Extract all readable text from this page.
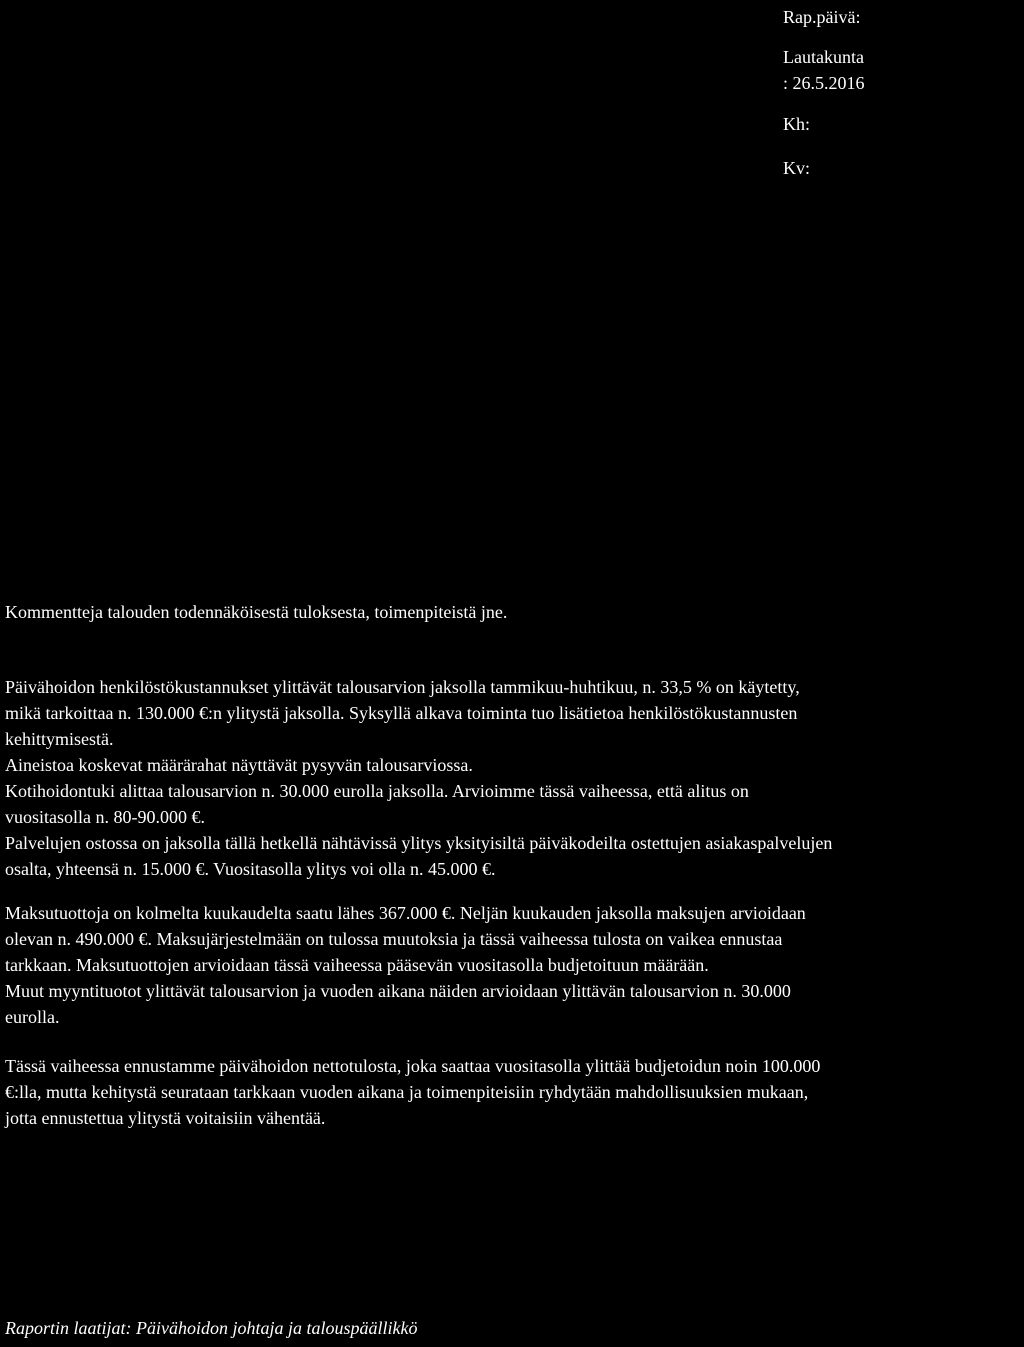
Rap.päivä:
Lautakunta
: 26.5.2016
Kh:
Kv:
Kommentteja talouden todennäköisestä tuloksesta, toimenpiteistä jne.

Päivähoidon henkilöstökustannukset ylittävät talousarvion jaksolla tammikuu-huhtikuu, n. 33,5 % on käytetty,
mikä tarkoittaa n. 130.000 €:n ylitystä jaksolla. Syksyllä alkava toiminta tuo lisätietoa henkilöstökustannusten
kehittymisestä.
Aineistoa koskevat määrärahat näyttävät pysyvän talousarviossa.
Kotihoidontuki alittaa talousarvion n. 30.000 eurolla jaksolla. Arvioimme tässä vaiheessa, että alitus on
vuositasolla n. 80-90.000 €.
Palvelujen ostossa on jaksolla tällä hetkellä nähtävissä ylitys yksityisiltä päiväkodeilta ostettujen asiakaspalvelujen
osalta, yhteensä n. 15.000 €. Vuositasolla ylitys voi olla n. 45.000 €.

Maksutuottoja on kolmelta kuukaudelta saatu lähes 367.000 €. Neljän kuukauden jaksolla maksujen arvioidaan
olevan n. 490.000 €. Maksujärjestelmään on tulossa muutoksia ja tässä vaiheessa tulosta on vaikea ennustaa
tarkkaan. Maksutuottojen arvioidaan tässä vaiheessa pääsevän vuositasolla budjetoituun määrään.
Muut myyntituotot ylittävät talousarvion ja vuoden aikana näiden arvioidaan ylittävän talousarvion n. 30.000
eurolla.

Tässä vaiheessa ennustamme päivähoidon nettotulosta, joka saattaa vuositasolla ylittää budjetoidun noin 100.000
€:lla, mutta kehitystä seurataan tarkkaan vuoden aikana ja toimenpiteisiin ryhdytään mahdollisuuksien mukaan,
jotta ennustettua ylitystä voitaisiin vähentää.

Raportin laatijat: Päivähoidon johtaja ja talouspäällikkö
